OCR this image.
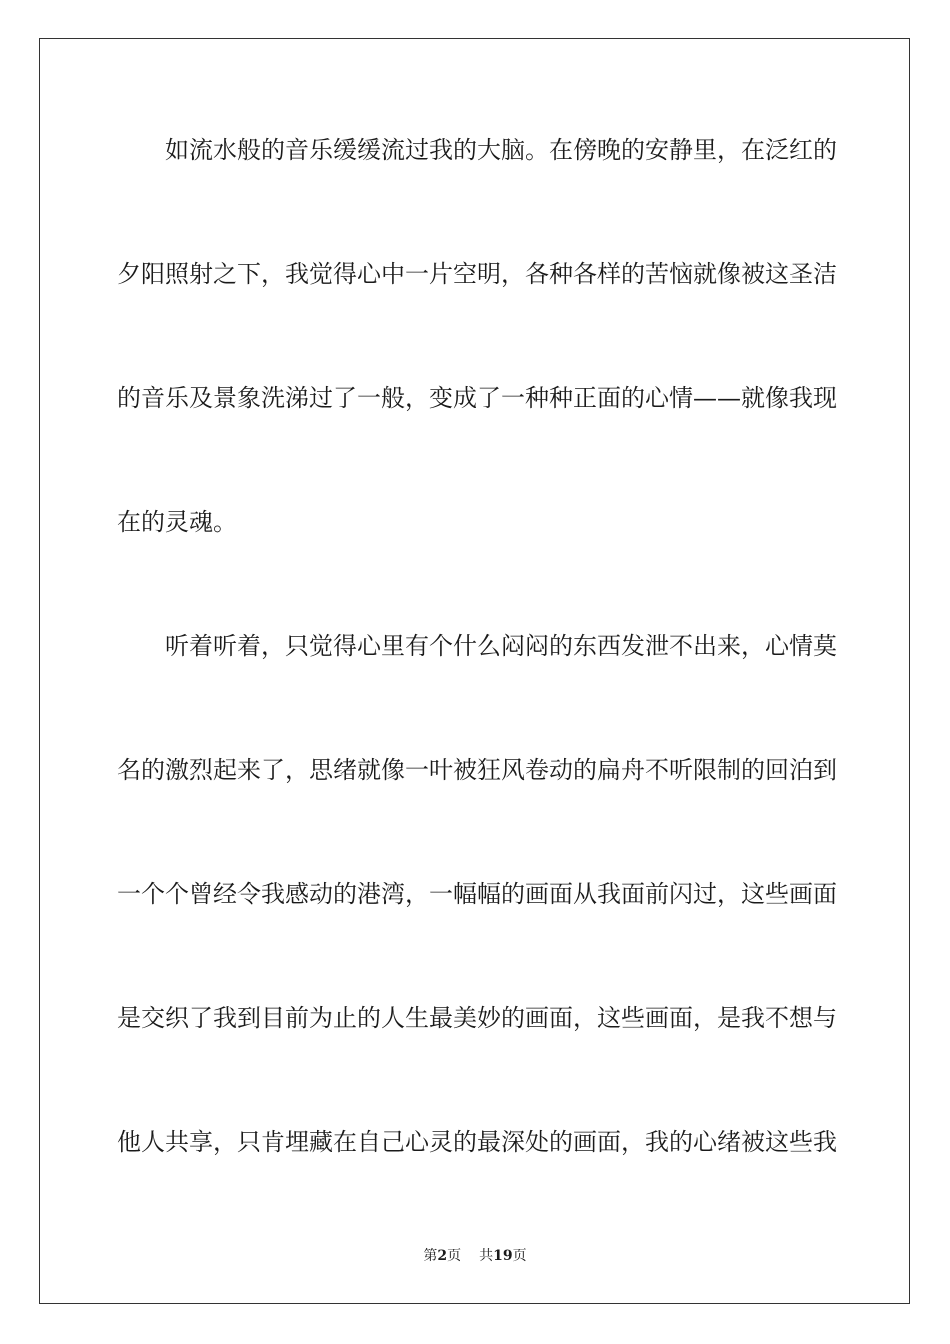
如流水般的音乐缓缓流过我的大脑。在傍晚的安静里，在泛红的
夕阳照射之下，我觉得心中一片空明，各种各样的苦恼就像被这圣洁
的音乐及景象洗涕过了一般，变成了一种种正面的心情——就像我现
在的灵魂。
听着听着，只觉得心里有个什么闷闷的东西发泄不出来，心情莫
名的激烈起来了，思绪就像一叶被狂风卷动的扁舟不听限制的回泊到
一个个曾经令我感动的港湾，一幅幅的画面从我面前闪过，这些画面
是交织了我到目前为止的人生最美妙的画面，这些画面，是我不想与
他人共享，只肯埋藏在自己心灵的最深处的画面，我的心绪被这些我
第2页 共19页
